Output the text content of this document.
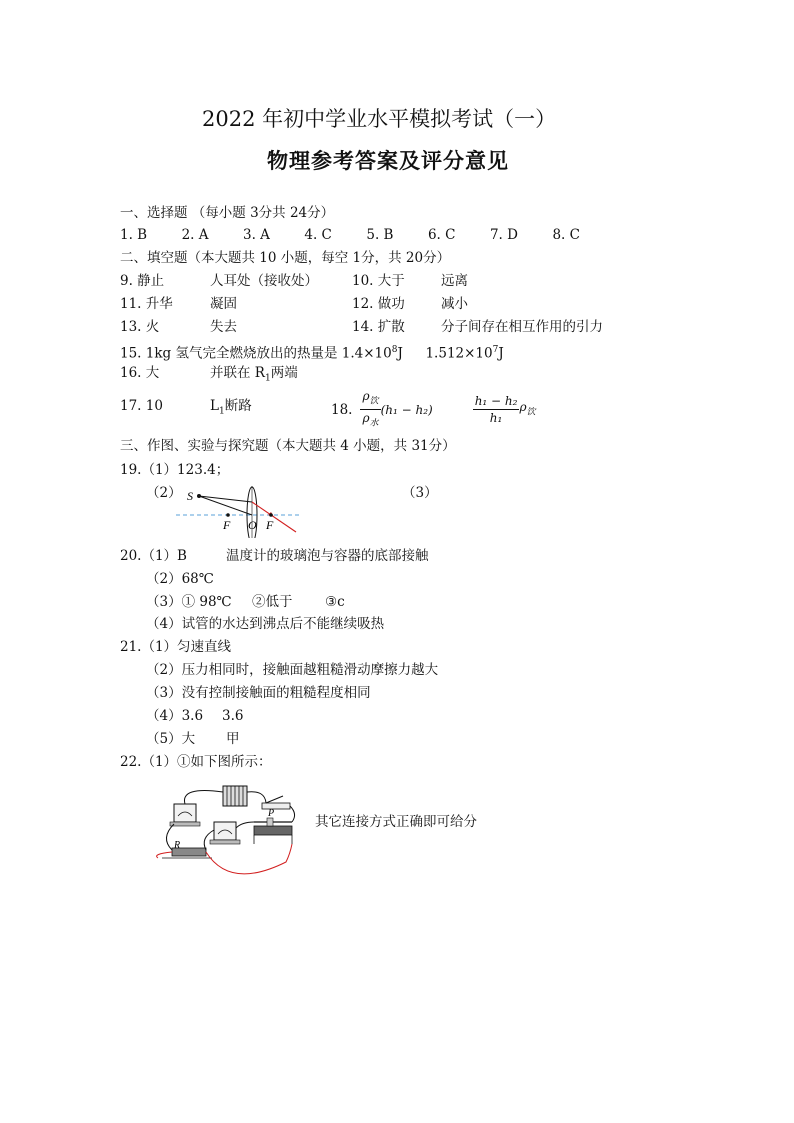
2022 年初中学业水平模拟考试（一）
物理参考答案及评分意见
一、选择题 （每小题 3分共 24分）
1. B	2. A	3. A	4. C	5. B	6. C	7. D	8. C
二、填空题（本大题共 10 小题，每空 1分，共 20分）
9. 静止	人耳处（接收处）	10. 大于	远离
11. 升华	凝固	12. 做功	减小
13. 火	失去	14. 扩散	分子间存在相互作用的引力
15. 1kg 氢气完全燃烧放出的热量是 $1.4\times 10^8J$ $1.512\times 10^7J$
16. 大	并联在 $R_1$两端
17. 10	$L_1$断路	18. $\frac{\rho_饮}{\rho_水} (h_1 - h_2)$	$\frac{\text{h₁ − h₂}}{\text{h₁}} \rho_饮$
三、作图、实验与探究题（本大题共 4 小题，共 31分）
19.（1）123.4；
（2）	（3）
S
F O F
20.（1）B	温度计的玻璃泡与容器的底部接触
（2）68℃
（3）① 98℃ ②低于 ③c
（4）试管的水达到沸点后不能继续吸热
21.（1）匀速直线
（2）压力相同时，接触面越粗糙滑动摩擦力越大
（3）没有控制接触面的粗糙程度相同
（4）3.6 3.6
（5）大 甲
22.（1）①如下图所示：
R
P
其它连接方式正确即可给分
